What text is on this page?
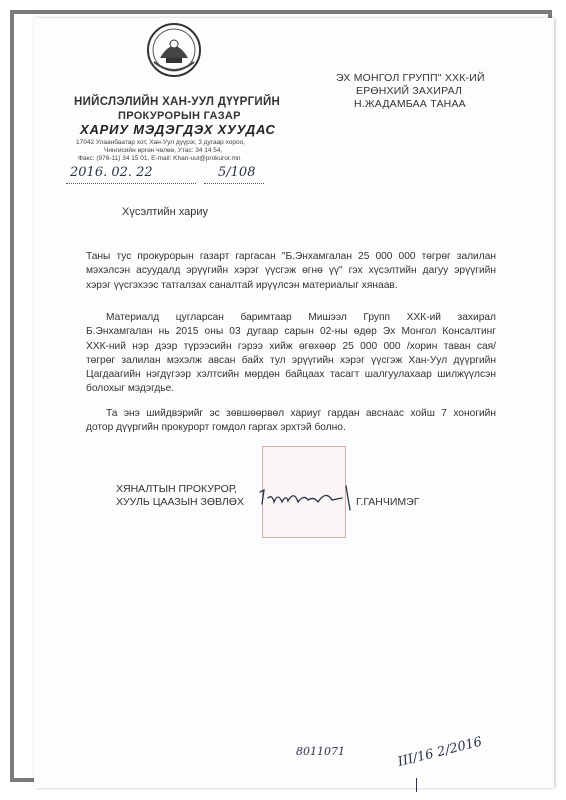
НИЙСЛЭЛИЙН ХАН-УУЛ ДҮҮРГИЙН
ПРОКУРОРЫН ГАЗАР
ХАРИУ МЭДЭГДЭХ ХУУДАС
17042 Улаанбаатар хот, Хан-Уул дүүрэг, 3 дугаар хороо,
Чингисийн өргөн чөлөө, Утас: 34 14 54,
Факс: (976-11) 34 15 01, E-mail: Khan-uul@prokuror.mn
2016. 02. 22	5/108
ЭХ МОНГОЛ ГРУПП" ХХК-ИЙ
ЕРӨНХИЙ ЗАХИРАЛ
Н.ЖАДАМБАА ТАНАА
Хүсэлтийн хариу
Таны тус прокурорын газарт гаргасан "Б.Энхамгалан 25 000 000 төгрөг залилан
мэхэлсэн асуудалд эрүүгийн хэрэг үүсгэж өгнө үү" гэх хүсэлтийн дагуу эрүүгийн
хэрэг үүсгэхээс татгалзах саналтай ирүүлсэн материалыг хянаав.
Материалд цугларсан баримтаар Мишээл Групп ХХК-ий захирал
Б.Энхамгалан нь 2015 оны 03 дугаар сарын 02-ны өдөр Эх Монгол Консалтинг
ХХК-ний нэр дээр түрээсийн гэрээ хийж өгөхөөр 25 000 000 /хорин таван сая/
төгрөг залилан мэхэлж авсан байх тул эрүүгийн хэрэг үүсгэж Хан-Уул дүүргийн
Цагдаагийн нэгдүгээр хэлтсийн мөрдөн байцаах тасагт шалгуулахаар шилжүүлсэн
болохыг мэдэгдье.
Та энэ шийдвэрийг эс зөвшөөрвөл хариуг гардан авснаас хойш 7 хоногийн
дотор дүүргийн прокурорт гомдол гаргах эрхтэй болно.
ХЯНАЛТЫН ПРОКУРОР,
ХУУЛЬ ЦААЗЫН ЗӨВЛӨХ	Г.ГАНЧИМЭГ
8011071	III/16 2/2016
